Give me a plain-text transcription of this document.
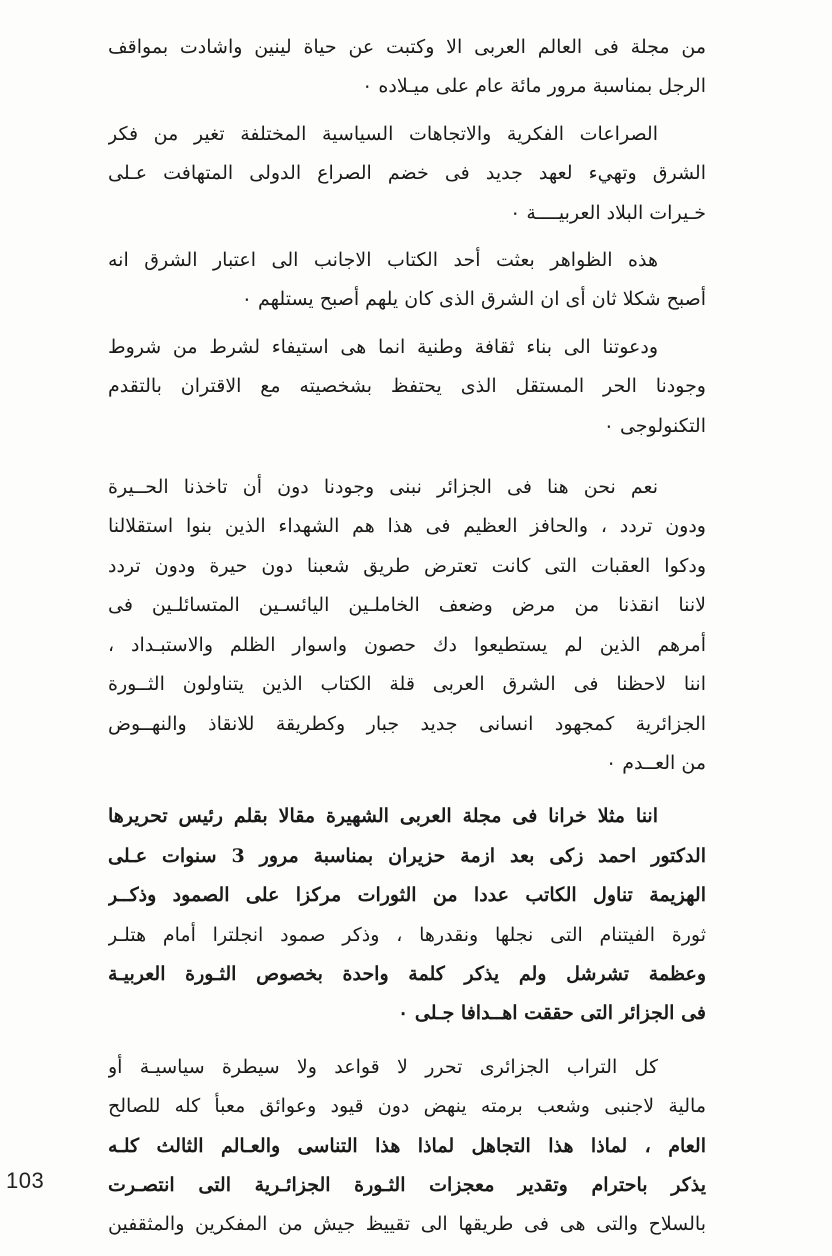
من مجلة فى العالم العربى الا وكتبت عن حياة لينين واشادت بمواقف
الرجل بمناسبة مرور مائة عام على ميـلاده ٠
الصراعات الفكرية والاتجاهات السياسية المختلفة تغير من فكر
الشرق وتهيء لعهد جديد فى خضم الصراع الدولى المتهافت عـلى
خـيرات البلاد العربيــــة ٠
هذه الظواهر بعثت أحد الكتاب الاجانب الى اعتبار الشرق انه
أصبح شكلا ثان أى ان الشرق الذى كان يلهم أصبح يستلهم ٠
ودعوتنا الى بناء ثقافة وطنية انما هى استيفاء لشرط من شروط
وجودنا الحر المستقل الذى يحتفظ بشخصيته مع الاقتران بالتقدم
التكنولوجى ٠
نعم نحن هنا فى الجزائر نبنى وجودنا دون أن تاخذنا الحــيرة
ودون تردد ، والحافز العظيم فى هذا هم الشهداء الذين بنوا استقلالنا
ودكوا العقبات التى كانت تعترض طريق شعبنا دون حيرة ودون تردد
لاننا انقذنا من مرض وضعف الخاملـين اليائسـين المتسائلـين فى
أمرهم الذين لم يستطيعوا دك حصون واسوار الظلم والاستبـداد ،
اننا لاحظنا فى الشرق العربى قلة الكتاب الذين يتناولون الثــورة
الجزائرية كمجهود انسانى جديد جبار وكطريقة للانقاذ والنهــوض
من العــدم ٠
اننا مثلا خرانا فى مجلة العربى الشهيرة مقالا بقلم رئيس تحريرها
الدكتور احمد زكى بعد ازمة حزيران بمناسبة مرور 3 سنوات عـلى
الهزيمة تناول الكاتب عددا من الثورات مركزا على الصمود وذكــر
ثورة الفيتنام التى نجلها ونقدرها ، وذكر صمود انجلترا أمام هتلـر
وعظمة تشرشل ولم يذكر كلمة واحدة بخصوص الثـورة العربيـة
فى الجزائر التى حققت اهــدافا جـلى ٠
كل التراب الجزائرى تحرر لا قواعد ولا سيطرة سياسيـة أو
مالية لاجنبى وشعب برمته ينهض دون قيود وعوائق معبأ كله للصالح
العام ، لماذا هذا التجاهل لماذا هذا التناسى والعـالم الثالث كلـه
يذكر باحترام وتقدير معجزات الثـورة الجزائـرية التى انتصـرت
بالسلاح والتى هى فى طريقها الى تقييظ جيش من المفكرين والمثقفين
103
